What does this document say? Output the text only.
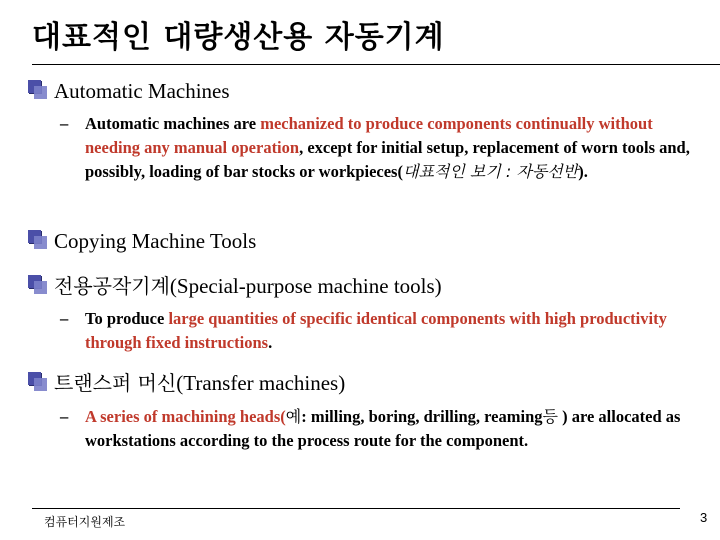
대표적인 대량생산용 자동기계
Automatic Machines
– Automatic machines are mechanized to produce components continually without needing any manual operation, except for initial setup, replacement of worn tools and, possibly, loading of bar stocks or workpieces(대표적인 보기 : 자동선반).
Copying Machine Tools
전용공작기계(Special-purpose machine tools)
– To produce large quantities of specific identical components with high productivity through fixed instructions.
트랜스퍼 머신(Transfer machines)
– A series of machining heads(예: milling, boring, drilling, reaming등 ) are allocated as workstations according to the process route for the component.
컴퓨터지원제조	3
